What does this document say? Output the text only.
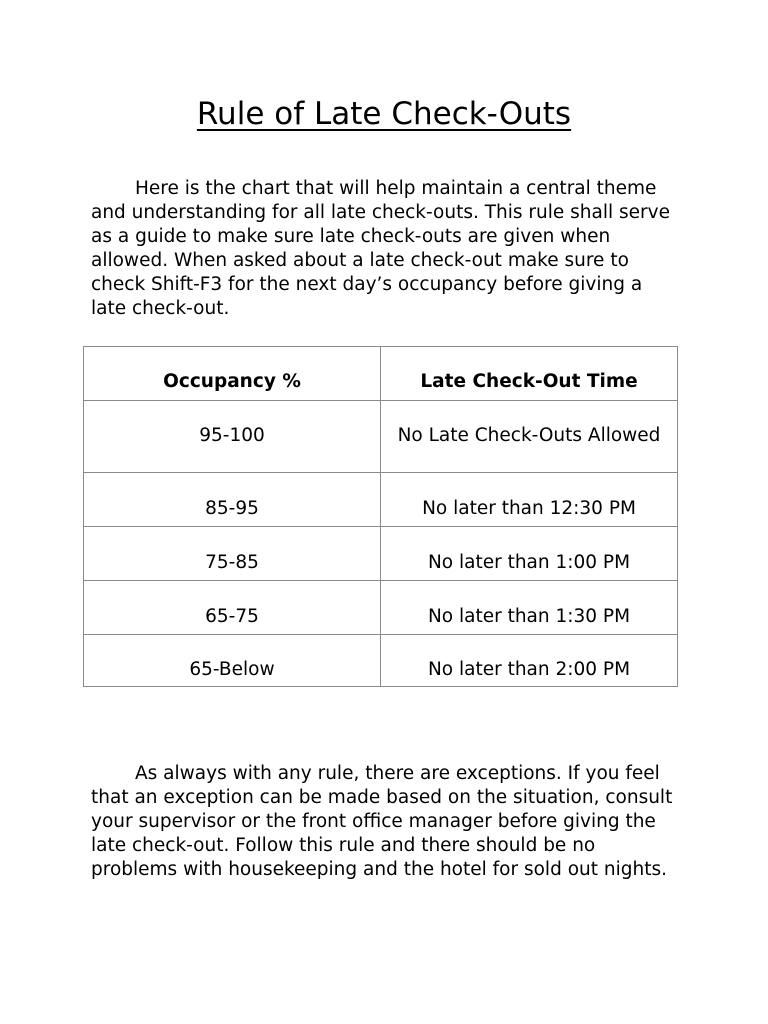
Rule of Late Check-Outs

Here is the chart that will help maintain a central theme and understanding for all late check-outs. This rule shall serve as a guide to make sure late check-outs are given when allowed. When asked about a late check-out make sure to check Shift-F3 for the next day’s occupancy before giving a late check-out.

Occupancy %	Late Check-Out Time
95-100	No Late Check-Outs Allowed
85-95	No later than 12:30 PM
75-85	No later than 1:00 PM
65-75	No later than 1:30 PM
65-Below	No later than 2:00 PM

As always with any rule, there are exceptions. If you feel that an exception can be made based on the situation, consult your supervisor or the front office manager before giving the late check-out. Follow this rule and there should be no problems with housekeeping and the hotel for sold out nights.
